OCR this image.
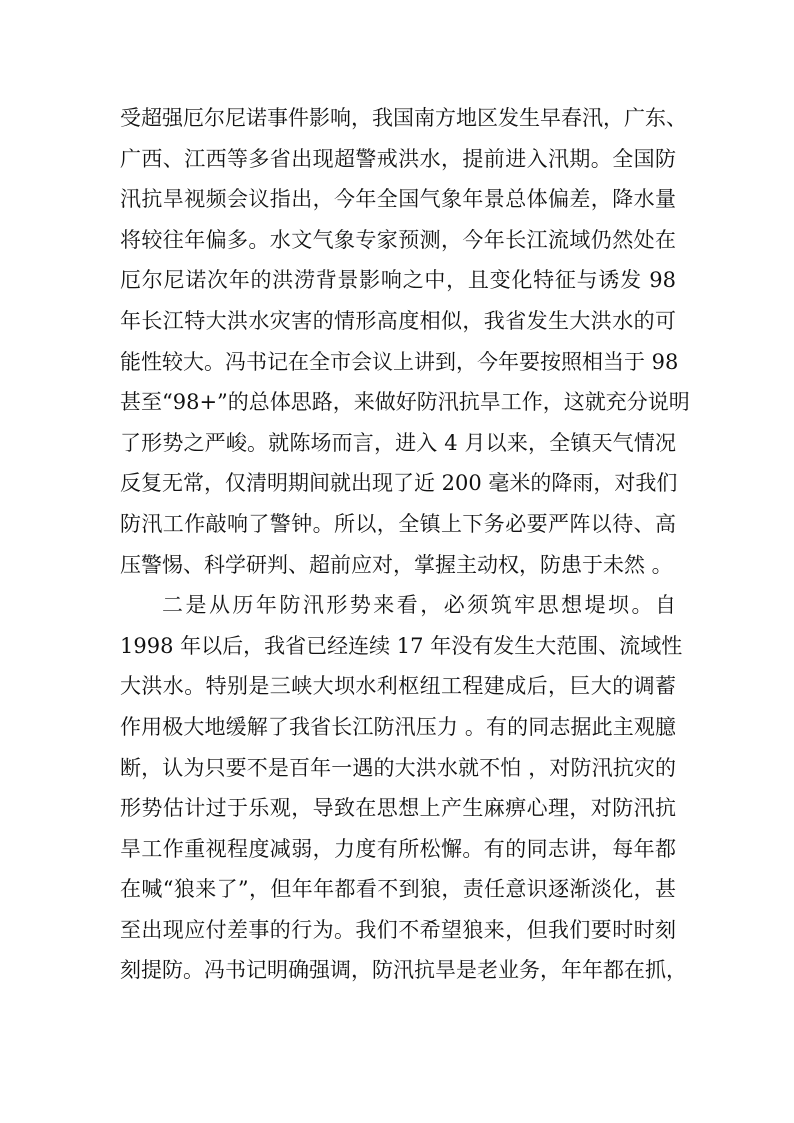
受超强厄尔尼诺事件影响，我国南方地区发生早春汛，广东、
广西、江西等多省出现超警戒洪水，提前进入汛期。全国防
汛抗旱视频会议指出，今年全国气象年景总体偏差，降水量
将较往年偏多。水文气象专家预测，今年长江流域仍然处在
厄尔尼诺次年的洪涝背景影响之中，且变化特征与诱发 98
年长江特大洪水灾害的情形高度相似，我省发生大洪水的可
能性较大。冯书记在全市会议上讲到，今年要按照相当于 98
甚至“98+”的总体思路，来做好防汛抗旱工作，这就充分说明
了形势之严峻。就陈场而言，进入 4 月以来，全镇天气情况
反复无常，仅清明期间就出现了近 200 毫米的降雨，对我们
防汛工作敲响了警钟。所以，全镇上下务必要严阵以待、高
压警惕、科学研判、超前应对，掌握主动权，防患于未然 。
二是从历年防汛形势来看，必须筑牢思想堤坝。自
1998 年以后，我省已经连续 17 年没有发生大范围、流域性
大洪水。特别是三峡大坝水利枢纽工程建成后，巨大的调蓄
作用极大地缓解了我省长江防汛压力 。有的同志据此主观臆
断，认为只要不是百年一遇的大洪水就不怕 ，对防汛抗灾的
形势估计过于乐观，导致在思想上产生麻痹心理，对防汛抗
旱工作重视程度减弱，力度有所松懈。有的同志讲，每年都
在喊“狼来了”，但年年都看不到狼，责任意识逐渐淡化，甚
至出现应付差事的行为。我们不希望狼来，但我们要时时刻
刻提防。冯书记明确强调，防汛抗旱是老业务，年年都在抓，
